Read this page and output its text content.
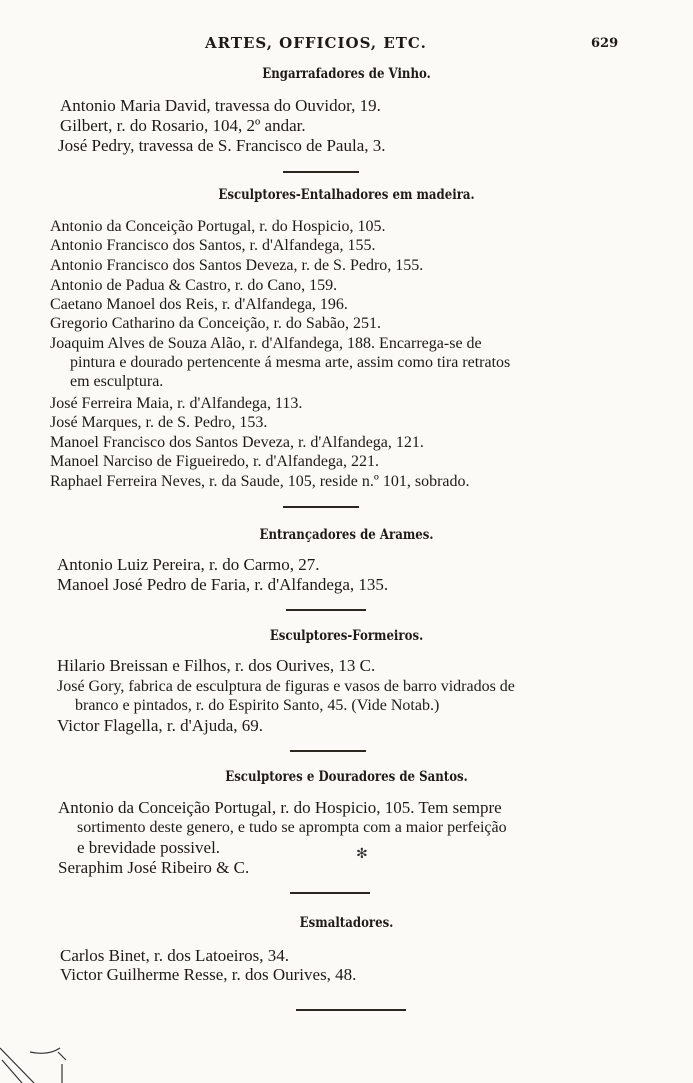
ARTES, OFFICIOS, ETC.	629
Engarrafadores de Vinho.
Antonio Maria David, travessa do Ouvidor, 19.
Gilbert, r. do Rosario, 104, 2º andar.
José Pedry, travessa de S. Francisco de Paula, 3.
Esculptores-Entalhadores em madeira.
Antonio da Conceição Portugal, r. do Hospicio, 105.
Antonio Francisco dos Santos, r. d'Alfandega, 155.
Antonio Francisco dos Santos Deveza, r. de S. Pedro, 155.
Antonio de Padua & Castro, r. do Cano, 159.
Caetano Manoel dos Reis, r. d'Alfandega, 196.
Gregorio Catharino da Conceição, r. do Sabão, 251.
Joaquim Alves de Souza Alão, r. d'Alfandega, 188. Encarrega-se de
pintura e dourado pertencente á mesma arte, assim como tira retratos
em esculptura.
José Ferreira Maia, r. d'Alfandega, 113.
José Marques, r. de S. Pedro, 153.
Manoel Francisco dos Santos Deveza, r. d'Alfandega, 121.
Manoel Narciso de Figueiredo, r. d'Alfandega, 221.
Raphael Ferreira Neves, r. da Saude, 105, reside n.º 101, sobrado.
Entrançadores de Arames.
Antonio Luiz Pereira, r. do Carmo, 27.
Manoel José Pedro de Faria, r. d'Alfandega, 135.
Esculptores-Formeiros.
Hilario Breissan e Filhos, r. dos Ourives, 13 C.
José Gory, fabrica de esculptura de figuras e vasos de barro vidrados de
branco e pintados, r. do Espirito Santo, 45. (Vide Notab.)
Victor Flagella, r. d'Ajuda, 69.
Esculptores e Douradores de Santos.
Antonio da Conceição Portugal, r. do Hospicio, 105. Tem sempre
sortimento deste genero, e tudo se apromptа com a maior perfeição
e brevidade possivel.
Seraphim José Ribeiro & C.
✻
Esmaltadores.
Carlos Binet, r. dos Latoeiros, 34.
Victor Guilherme Resse, r. dos Ourives, 48.
